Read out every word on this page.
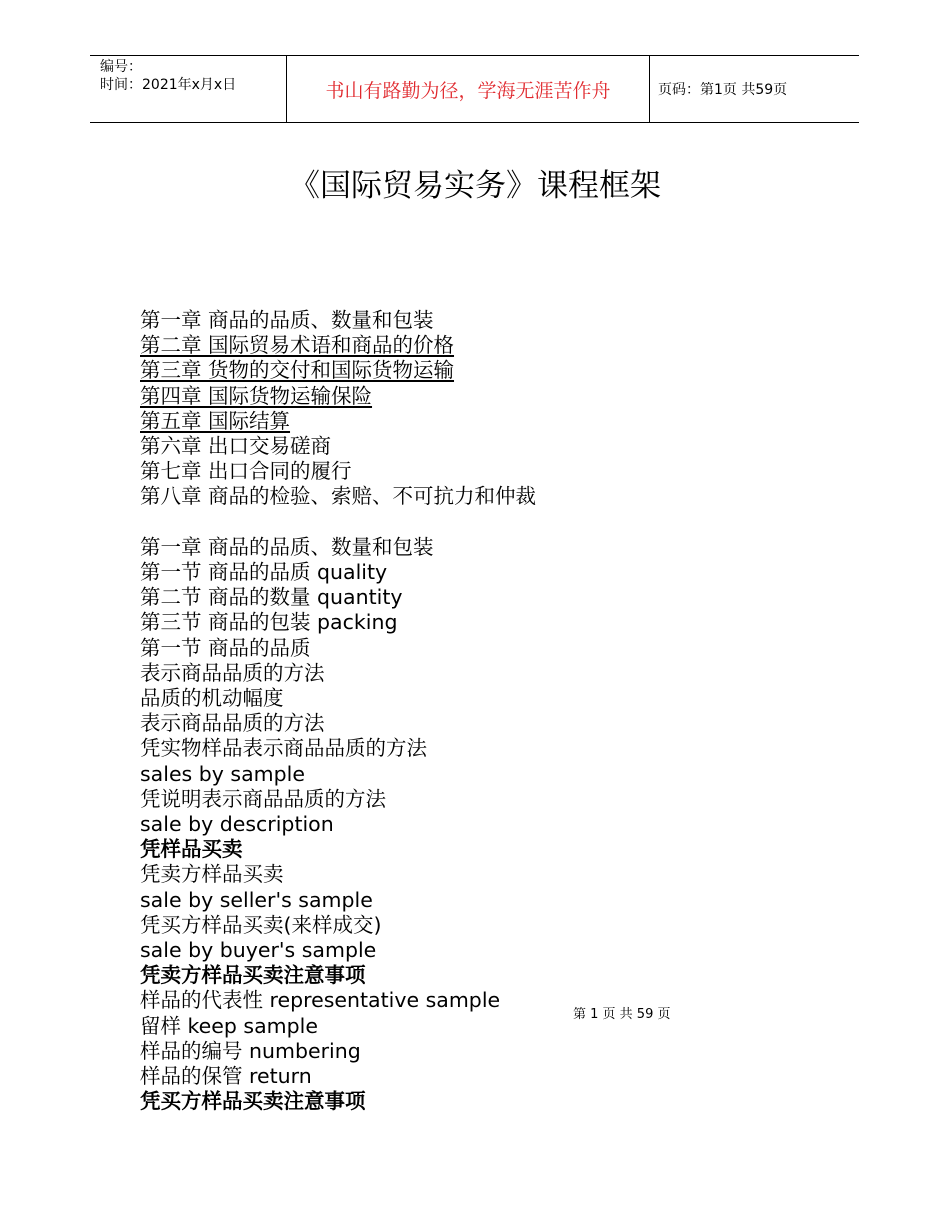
编号：
时间：2021年x月x日	书山有路勤为径，学海无涯苦作舟	页码：第1页 共59页
《国际贸易实务》课程框架
第一章 商品的品质、数量和包装
第二章 国际贸易术语和商品的价格
第三章 货物的交付和国际货物运输
第四章 国际货物运输保险
第五章 国际结算
第六章 出口交易磋商
第七章 出口合同的履行
第八章 商品的检验、索赔、不可抗力和仲裁
第一章 商品的品质、数量和包装
第一节 商品的品质 quality
第二节 商品的数量 quantity
第三节 商品的包装 packing
第一节 商品的品质
表示商品品质的方法
品质的机动幅度
表示商品品质的方法
凭实物样品表示商品品质的方法
sales by sample
凭说明表示商品品质的方法
sale by description
凭样品买卖
凭卖方样品买卖
sale by seller's sample
凭买方样品买卖(来样成交)
sale by buyer's sample
凭卖方样品买卖注意事项
样品的代表性 representative sample
留样 keep sample
样品的编号 numbering
样品的保管 return
凭买方样品买卖注意事项
第 1 页 共 59 页
